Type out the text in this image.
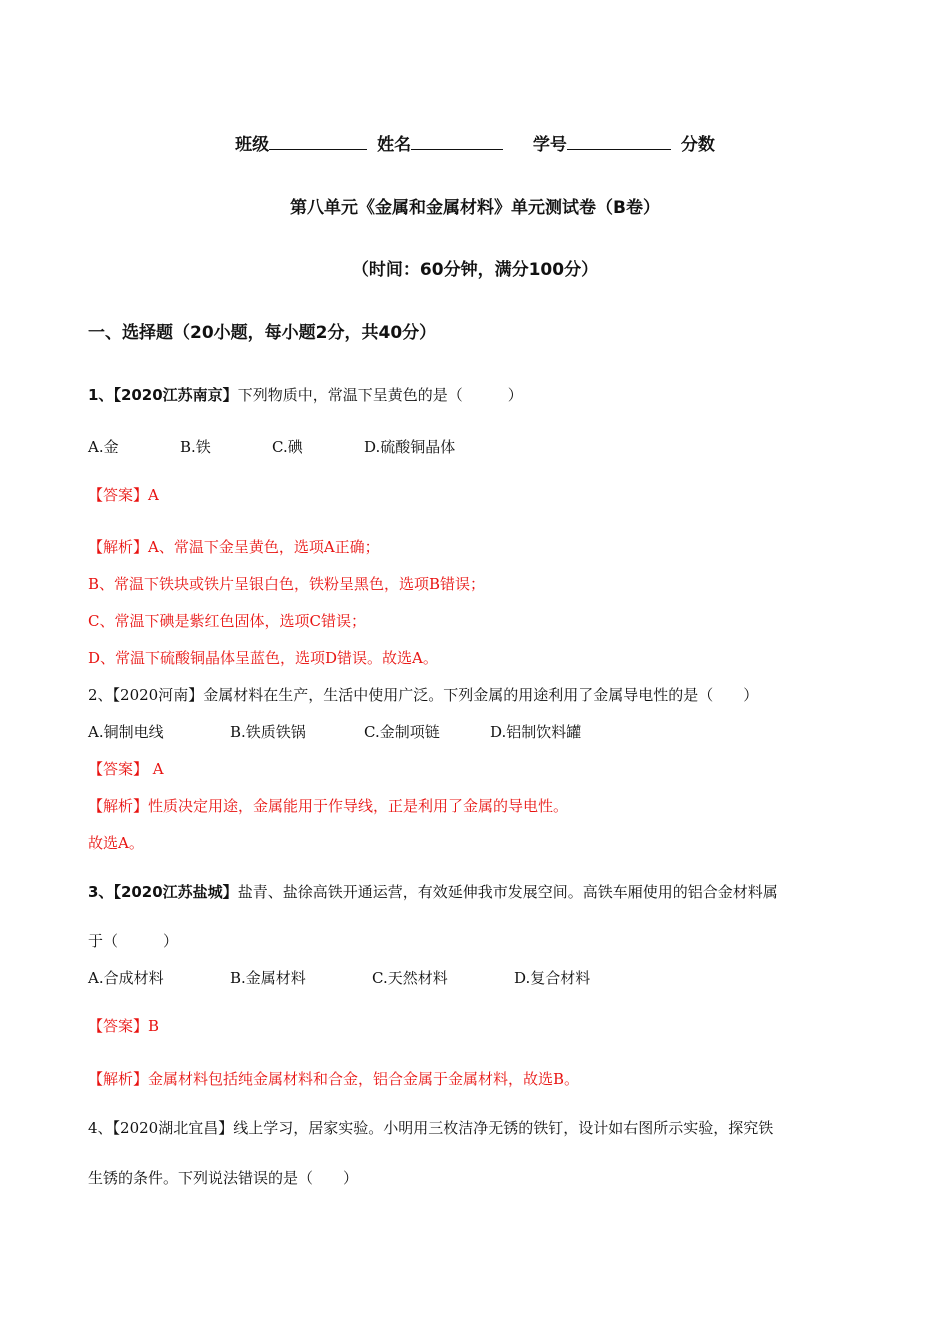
班级	姓名	学号	分数
第八单元《金属和金属材料》单元测试卷（B卷）
（时间：60分钟，满分100分）
一、选择题（20小题，每小题2分，共40分）
1、【2020江苏南京】下列物质中，常温下呈黄色的是（　　　）
A.金	B.铁	C.碘	D.硫酸铜晶体
【答案】A
【解析】A、常温下金呈黄色，选项A正确；
B、常温下铁块或铁片呈银白色，铁粉呈黑色，选项B错误；
C、常温下碘是紫红色固体，选项C错误；
D、常温下硫酸铜晶体呈蓝色，选项D错误。故选A。
2、【2020河南】金属材料在生产，生活中使用广泛。下列金属的用途利用了金属导电性的是（　　）
A.铜制电线	B.铁质铁锅	C.金制项链	D.铝制饮料罐
【答案】 A
【解析】性质决定用途，金属能用于作导线，正是利用了金属的导电性。
故选A。
3、【2020江苏盐城】盐青、盐徐高铁开通运营，有效延伸我市发展空间。高铁车厢使用的铝合金材料属
于（　　　）
A.合成材料	B.金属材料	C.天然材料	D.复合材料
【答案】B
【解析】金属材料包括纯金属材料和合金，铝合金属于金属材料，故选B。
4、【2020湖北宜昌】线上学习，居家实验。小明用三枚洁净无锈的铁钉，设计如右图所示实验，探究铁
生锈的条件。下列说法错误的是（　　）
